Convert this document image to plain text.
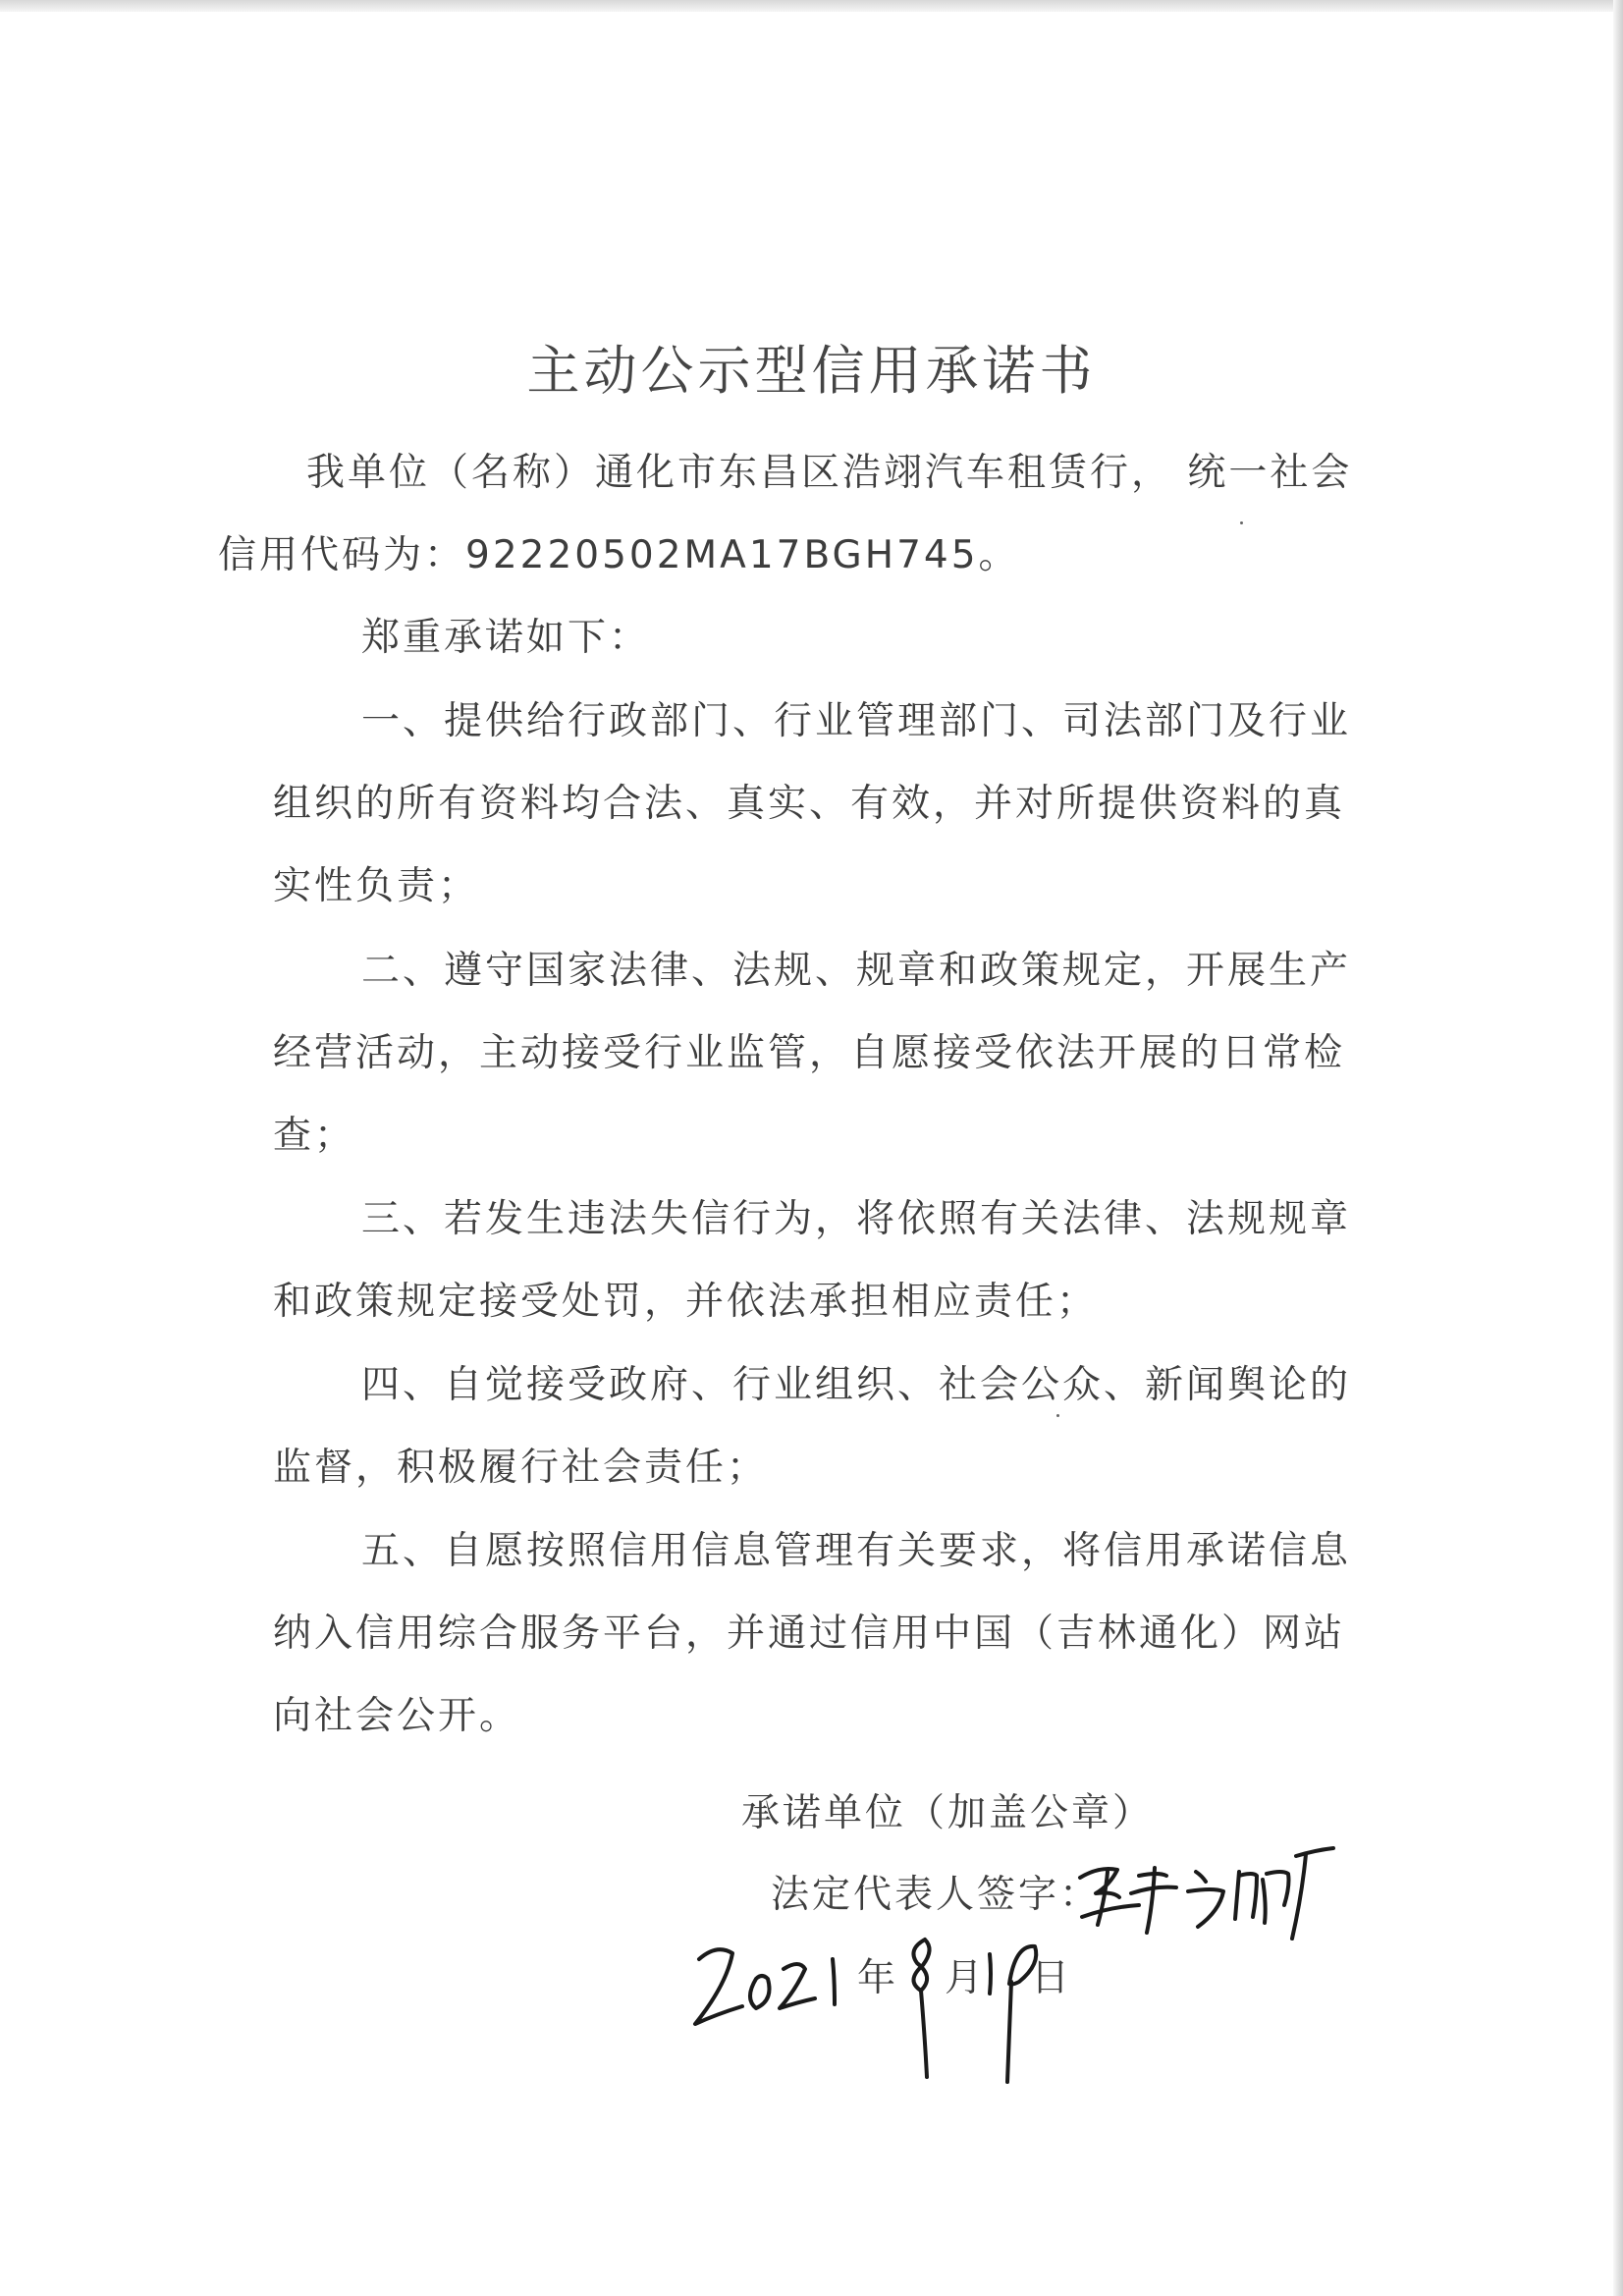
主动公示型信用承诺书
我单位（名称）通化市东昌区浩翊汽车租赁行， 统一社会
信用代码为：92220502MA17BGH745。
郑重承诺如下：
一、提供给行政部门、行业管理部门、司法部门及行业
组织的所有资料均合法、真实、有效，并对所提供资料的真
实性负责；
二、遵守国家法律、法规、规章和政策规定，开展生产
经营活动，主动接受行业监管，自愿接受依法开展的日常检
查；
三、若发生违法失信行为，将依照有关法律、法规规章
和政策规定接受处罚，并依法承担相应责任；
四、自觉接受政府、行业组织、社会公众、新闻舆论的
监督，积极履行社会责任；
五、自愿按照信用信息管理有关要求，将信用承诺信息
纳入信用综合服务平台，并通过信用中国（吉林通化）网站
向社会公开。
承诺单位（加盖公章）
法定代表人签字：
年 月 日
